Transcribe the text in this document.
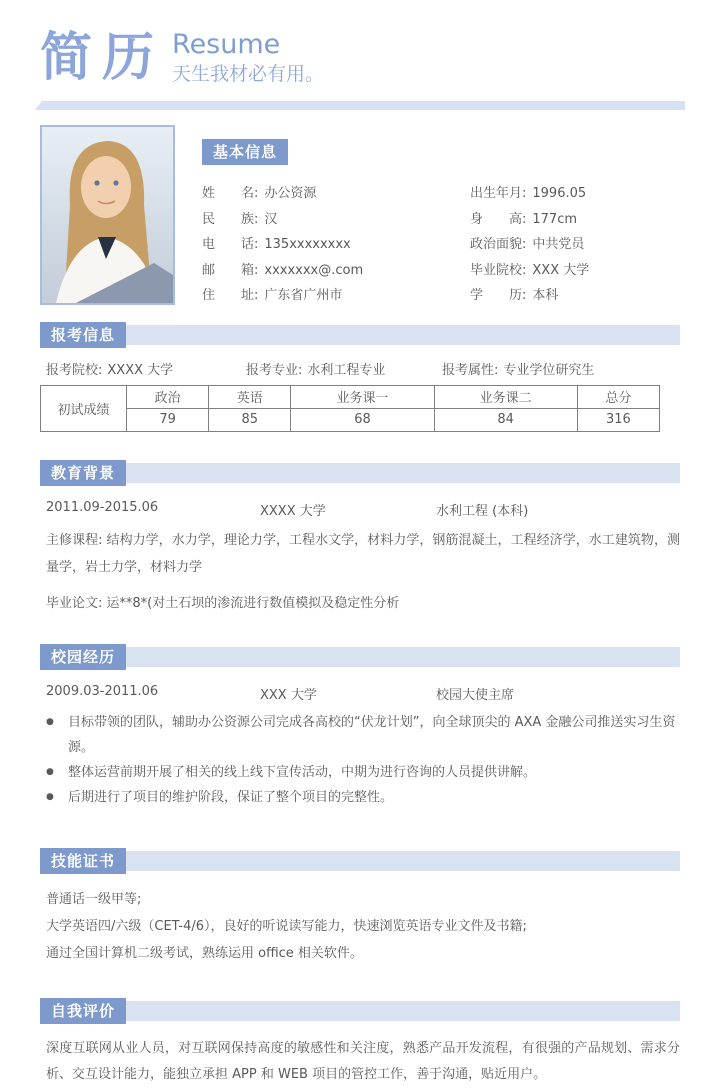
简历 Resume
天生我材必有用。
基本信息
姓　　名: 办公资源
民　　族: 汉
电　　话: 135xxxxxxxx
邮　　箱: xxxxxxx@.com
住　　址: 广东省广州市
出生年月: 1996.05
身　　高: 177cm
政治面貌: 中共党员
毕业院校: XXX 大学
学　　历: 本科
报考信息
报考院校: XXXX 大学	报考专业: 水利工程专业	报考属性: 专业学位研究生
初试成绩	政治	英语	业务课一	业务课二	总分
	79	85	68	84	316
教育背景
2011.09-2015.06	XXXX 大学	水利工程 (本科)
主修课程: 结构力学，水力学，理论力学，工程水文学，材料力学，钢筋混凝土，工程经济学，水工建筑物，测量学，岩土力学，材料力学
毕业论文: 运**8*(对土石坝的渗流进行数值模拟及稳定性分析
校园经历
2009.03-2011.06	XXX 大学	校园大使主席
●	目标带领的团队，辅助办公资源公司完成各高校的“伏龙计划”，向全球顶尖的 AXA 金融公司推送实习生资源。
●	整体运营前期开展了相关的线上线下宣传活动，中期为进行咨询的人员提供讲解。
●	后期进行了项目的维护阶段，保证了整个项目的完整性。
技能证书
普通话一级甲等;
大学英语四/六级（CET-4/6），良好的听说读写能力，快速浏览英语专业文件及书籍;
通过全国计算机二级考试，熟练运用 office 相关软件。
自我评价
深度互联网从业人员，对互联网保持高度的敏感性和关注度，熟悉产品开发流程，有很强的产品规划、需求分析、交互设计能力，能独立承担 APP 和 WEB 项目的管控工作，善于沟通，贴近用户。
